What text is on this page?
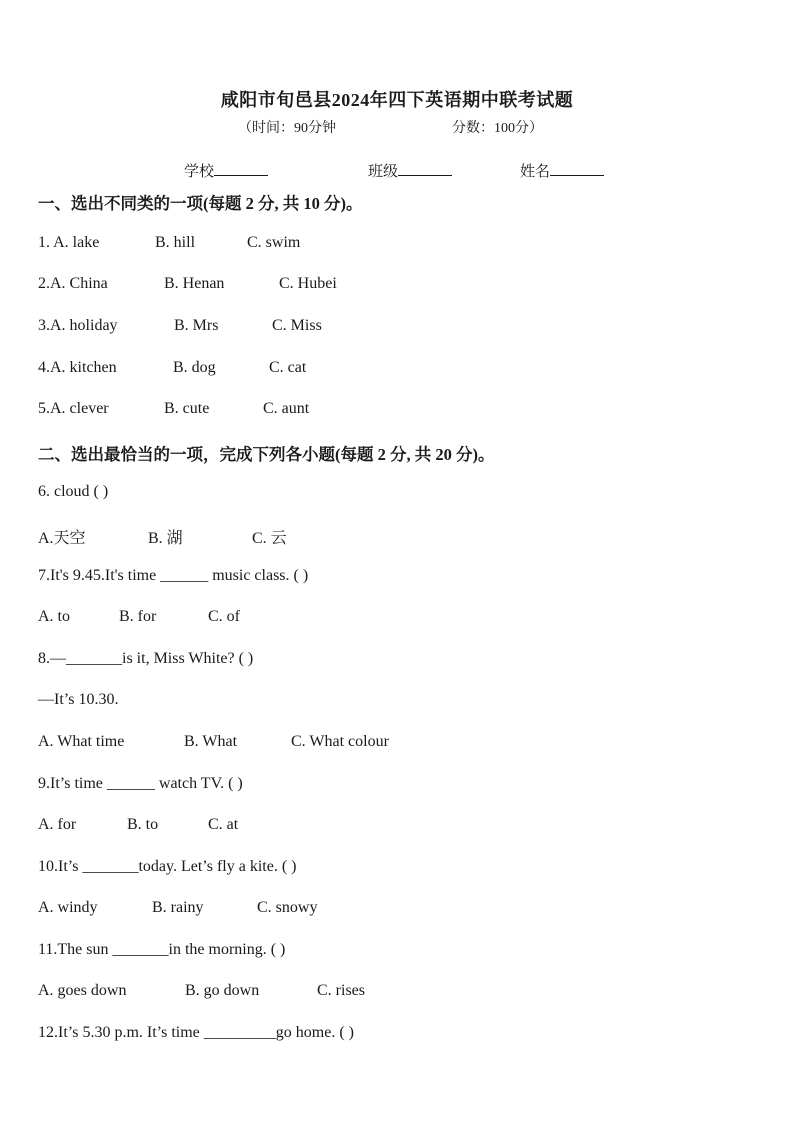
咸阳市旬邑县2024年四下英语期中联考试题
（时间：90分钟	分数：100分）
学校	班级	姓名
一、选出不同类的一项(每题 2 分, 共 10 分)。
1. A. lake	B. hill	C. swim
2.A. China	B. Henan	C. Hubei
3.A. holiday	B. Mrs	C. Miss
4.A. kitchen	B. dog	C. cat
5.A. clever	B. cute	C. aunt
二、选出最恰当的一项，完成下列各小题(每题 2 分, 共 20 分)。
6. cloud ( )
A.天空	B. 湖	C. 云
7.It's 9.45.It's time ______ music class. ( )
A. to	B. for	C. of
8.—_______is it, Miss White? ( )
—It’s 10.30.
A. What time	B. What	C. What colour
9.It’s time ______ watch TV. ( )
A. for	B. to	C. at
10.It’s _______today. Let’s fly a kite. ( )
A. windy	B. rainy	C. snowy
11.The sun _______in the morning. ( )
A. goes down	B. go down	C. rises
12.It’s 5.30 p.m. It’s time _________go home. ( )
